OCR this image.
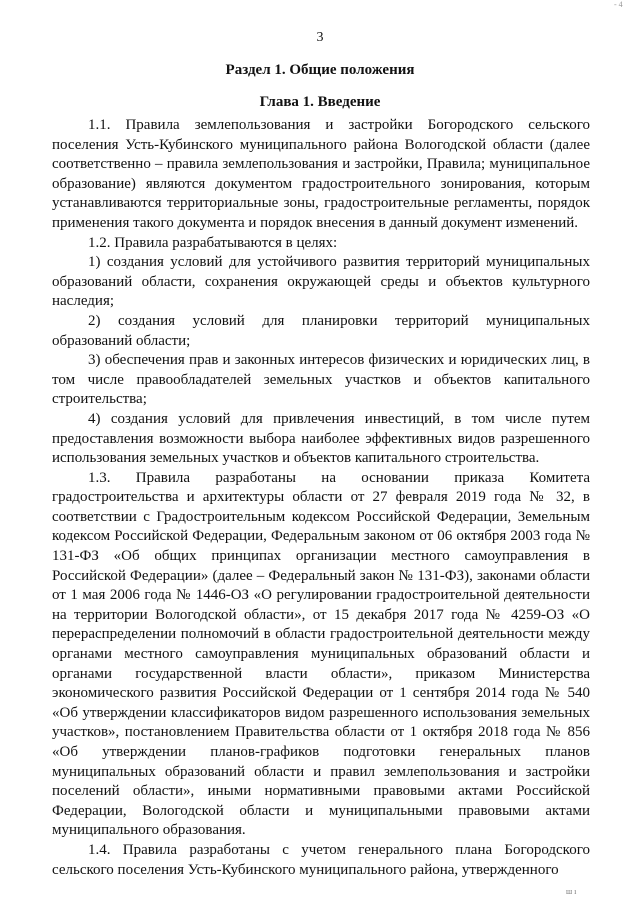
- 4
3
Раздел 1. Общие положения
Глава 1. Введение

1.1. Правила землепользования и застройки Богородского сельского поселения Усть-Кубинского муниципального района Вологодской области (далее соответственно – правила землепользования и застройки, Правила; муниципальное образование) являются документом градостроительного зонирования, которым устанавливаются территориальные зоны, градостроительные регламенты, порядок применения такого документа и порядок внесения в данный документ изменений.

1.2. Правила разрабатываются в целях:

1) создания условий для устойчивого развития территорий муниципальных образований области, сохранения окружающей среды и объектов культурного наследия;

2) создания условий для планировки территорий муниципальных образований области;

3) обеспечения прав и законных интересов физических и юридических лиц, в том числе правообладателей земельных участков и объектов капитального строительства;

4) создания условий для привлечения инвестиций, в том числе путем предоставления возможности выбора наиболее эффективных видов разрешенного использования земельных участков и объектов капитального строительства.

1.3. Правила разработаны на основании приказа Комитета градостроительства и архитектуры области от 27 февраля 2019 года № 32, в соответствии с Градостроительным кодексом Российской Федерации, Земельным кодексом Российской Федерации, Федеральным законом от 06 октября 2003 года № 131-ФЗ «Об общих принципах организации местного самоуправления в Российской Федерации» (далее – Федеральный закон № 131-ФЗ), законами области от 1 мая 2006 года № 1446-ОЗ «О регулировании градостроительной деятельности на территории Вологодской области», от 15 декабря 2017 года № 4259-ОЗ «О перераспределении полномочий в области градостроительной деятельности между органами местного самоуправления муниципальных образований области и органами государственной власти области», приказом Министерства экономического развития Российской Федерации от 1 сентября 2014 года № 540 «Об утверждении классификаторов видом разрешенного использования земельных участков», постановлением Правительства области от 1 октября 2018 года № 856 «Об утверждении планов-графиков подготовки генеральных планов муниципальных образований области и правил землепользования и застройки поселений области», иными нормативными правовыми актами Российской Федерации, Вологодской области и муниципальными правовыми актами муниципального образования.

1.4. Правила разработаны с учетом генерального плана Богородского сельского поселения Усть-Кубинского муниципального района, утвержденного

ш ı
